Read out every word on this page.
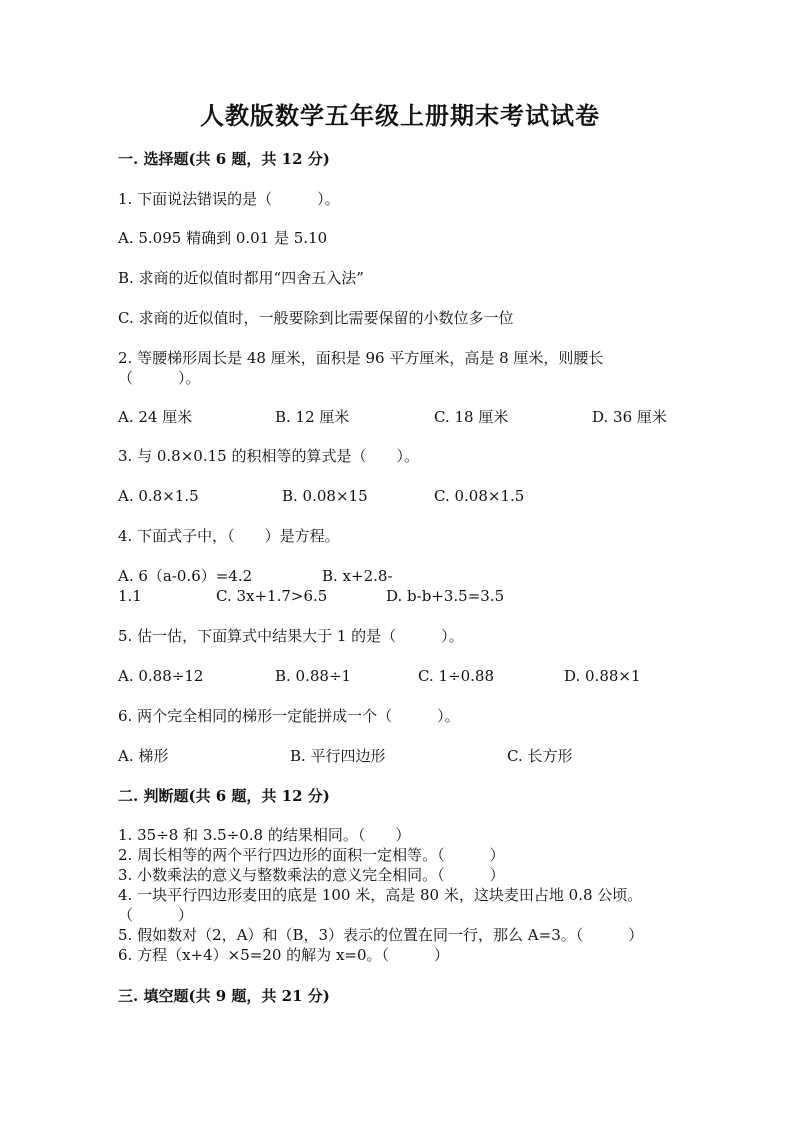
人教版数学五年级上册期末考试试卷
一. 选择题(共 6 题，共 12 分)
1. 下面说法错误的是（　　　）。
A. 5.095 精确到 0.01 是 5.10
B. 求商的近似值时都用“四舍五入法”
C. 求商的近似值时，一般要除到比需要保留的小数位多一位
2. 等腰梯形周长是 48 厘米，面积是 96 平方厘米，高是 8 厘米，则腰长
（　　　）。
A. 24 厘米	B. 12 厘米	C. 18 厘米	D. 36 厘米
3. 与 0.8×0.15 的积相等的算式是（　　）。
A. 0.8×1.5	B. 0.08×15	C. 0.08×1.5
4. 下面式子中，（　　）是方程。
A. 6（a-0.6）=4.2	B. x+2.8-
1.1	C. 3x+1.7>6.5	D. b-b+3.5=3.5
5. 估一估，下面算式中结果大于 1 的是（　　　）。
A. 0.88÷12	B. 0.88÷1	C. 1÷0.88	D. 0.88×1
6. 两个完全相同的梯形一定能拼成一个（　　　）。
A. 梯形	B. 平行四边形	C. 长方形
二. 判断题(共 6 题，共 12 分)
1. 35÷8 和 3.5÷0.8 的结果相同。（　　）
2. 周长相等的两个平行四边形的面积一定相等。（　　　）
3. 小数乘法的意义与整数乘法的意义完全相同。（　　　）
4. 一块平行四边形麦田的底是 100 米，高是 80 米，这块麦田占地 0.8 公顷。
（　　　）
5. 假如数对（2，A）和（B，3）表示的位置在同一行，那么 A=3。（　　　）
6. 方程（x+4）×5=20 的解为 x=0。（　　　）
三. 填空题(共 9 题，共 21 分)
